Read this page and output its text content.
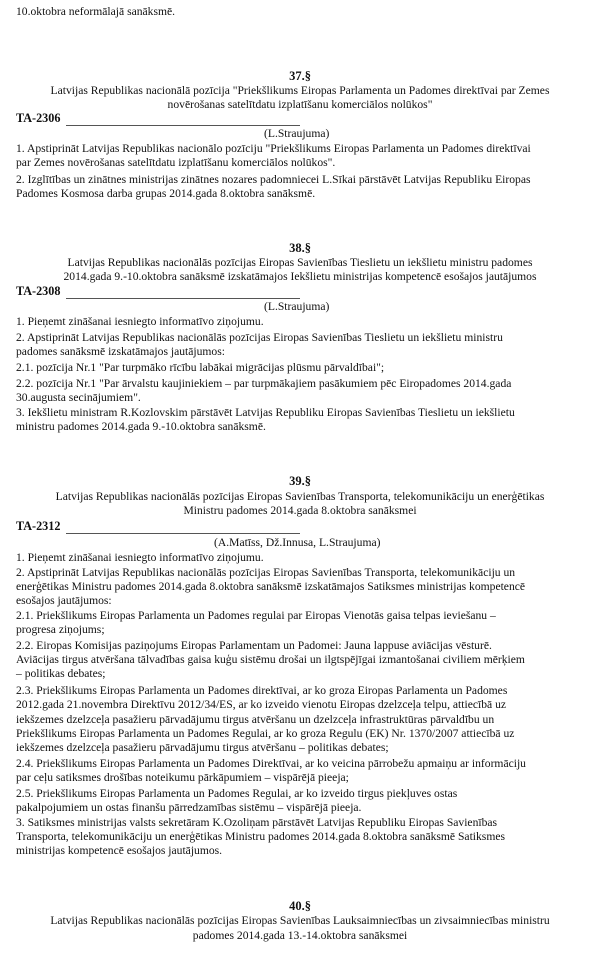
10.oktobra neformālajā sanāksmē.
37.§
Latvijas Republikas nacionālā pozīcija "Priekšlikums Eiropas Parlamenta un Padomes direktīvai par Zemes
novērošanas satelītdatu izplatīšanu komerciālos nolūkos"
TA-2306
(L.Straujuma)
1. Apstiprināt Latvijas Republikas nacionālo pozīciju "Priekšlikums Eiropas Parlamenta un Padomes direktīvai
par Zemes novērošanas satelītdatu izplatīšanu komerciālos nolūkos".
2. Izglītības un zinātnes ministrijas zinātnes nozares padomniecei L.Sīkai pārstāvēt Latvijas Republiku Eiropas
Padomes Kosmosa darba grupas 2014.gada 8.oktobra sanāksmē.
38.§
Latvijas Republikas nacionālās pozīcijas Eiropas Savienības Tieslietu un iekšlietu ministru padomes
2014.gada 9.-10.oktobra sanāksmē izskatāmajos Iekšlietu ministrijas kompetencē esošajos jautājumos
TA-2308
(L.Straujuma)
1. Pieņemt zināšanai iesniegto informatīvo ziņojumu.
2. Apstiprināt Latvijas Republikas nacionālās pozīcijas Eiropas Savienības Tieslietu un iekšlietu ministru
padomes sanāksmē izskatāmajos jautājumos:
2.1. pozīcija Nr.1 "Par turpmāko rīcību labākai migrācijas plūsmu pārvaldībai";
2.2. pozīcija Nr.1 "Par ārvalstu kaujiniekiem – par turpmākajiem pasākumiem pēc Eiropadomes 2014.gada
30.augusta secinājumiem".
3. Iekšlietu ministram R.Kozlovskim pārstāvēt Latvijas Republiku Eiropas Savienības Tieslietu un iekšlietu
ministru padomes 2014.gada 9.-10.oktobra sanāksmē.
39.§
Latvijas Republikas nacionālās pozīcijas Eiropas Savienības Transporta, telekomunikāciju un enerģētikas
Ministru padomes 2014.gada 8.oktobra sanāksmei
TA-2312
(A.Matīss, Dž.Innusa, L.Straujuma)
1. Pieņemt zināšanai iesniegto informatīvo ziņojumu.
2. Apstiprināt Latvijas Republikas nacionālās pozīcijas Eiropas Savienības Transporta, telekomunikāciju un
enerģētikas Ministru padomes 2014.gada 8.oktobra sanāksmē izskatāmajos Satiksmes ministrijas kompetencē
esošajos jautājumos:
2.1. Priekšlikums Eiropas Parlamenta un Padomes regulai par Eiropas Vienotās gaisa telpas ieviešanu –
progresa ziņojums;
2.2. Eiropas Komisijas paziņojums Eiropas Parlamentam un Padomei: Jauna lappuse aviācijas vēsturē.
Aviācijas tirgus atvēršana tālvadības gaisa kuģu sistēmu drošai un ilgtspējīgai izmantošanai civiliem mērķiem
– politikas debates;
2.3. Priekšlikums Eiropas Parlamenta un Padomes direktīvai, ar ko groza Eiropas Parlamenta un Padomes
2012.gada 21.novembra Direktīvu 2012/34/ES, ar ko izveido vienotu Eiropas dzelzceļa telpu, attiecībā uz
iekšzemes dzelzceļa pasažieru pārvadājumu tirgus atvēršanu un dzelzceļa infrastruktūras pārvaldību un
Priekšlikums Eiropas Parlamenta un Padomes Regulai, ar ko groza Regulu (EK) Nr. 1370/2007 attiecībā uz
iekšzemes dzelzceļa pasažieru pārvadājumu tirgus atvēršanu – politikas debates;
2.4. Priekšlikums Eiropas Parlamenta un Padomes Direktīvai, ar ko veicina pārrobežu apmaiņu ar informāciju
par ceļu satiksmes drošības noteikumu pārkāpumiem – vispārējā pieeja;
2.5. Priekšlikums Eiropas Parlamenta un Padomes Regulai, ar ko izveido tirgus piekļuves ostas
pakalpojumiem un ostas finanšu pārredzamības sistēmu – vispārējā pieeja.
3. Satiksmes ministrijas valsts sekretāram K.Ozoliņam pārstāvēt Latvijas Republiku Eiropas Savienības
Transporta, telekomunikāciju un enerģētikas Ministru padomes 2014.gada 8.oktobra sanāksmē Satiksmes
ministrijas kompetencē esošajos jautājumos.
40.§
Latvijas Republikas nacionālās pozīcijas Eiropas Savienības Lauksaimniecības un zivsaimniecības ministru
padomes 2014.gada 13.-14.oktobra sanāksmei
